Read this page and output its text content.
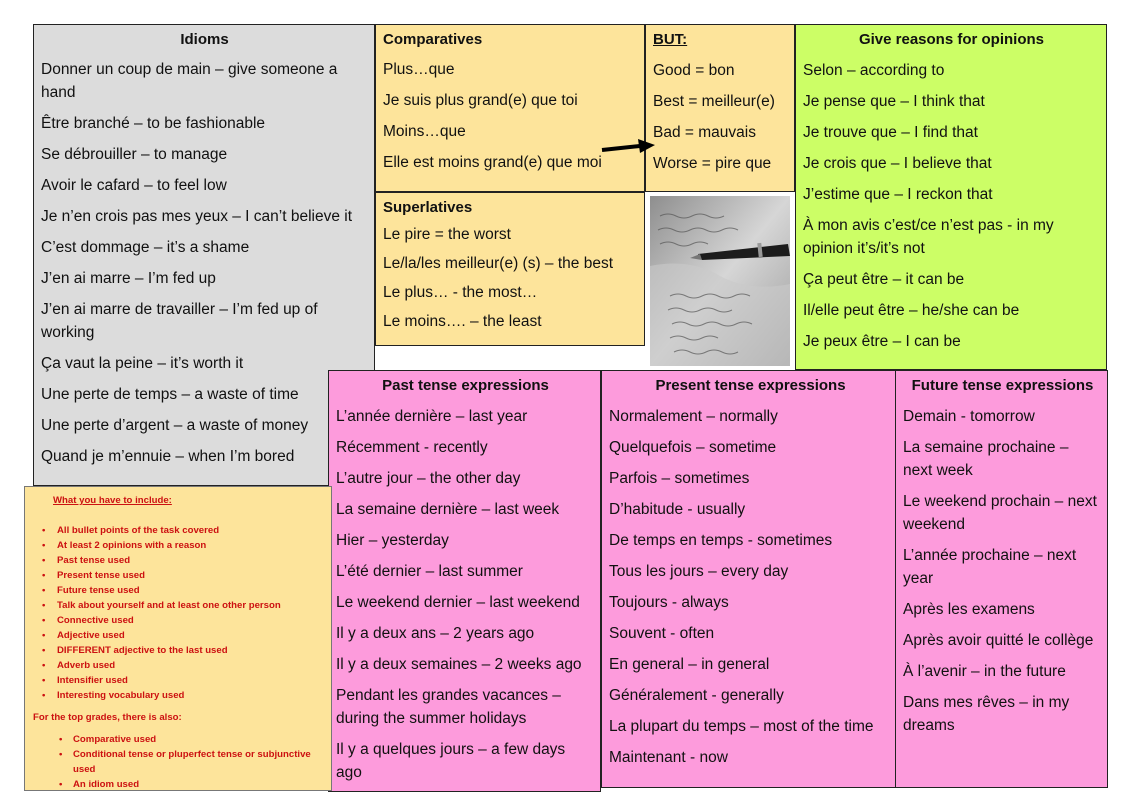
Idioms
Donner un coup de main – give someone a hand
Être branché – to be fashionable
Se débrouiller – to manage
Avoir le cafard – to feel low
Je n’en crois pas mes yeux – I can’t believe it
C’est dommage – it’s a shame
J’en ai marre – I’m fed up
J’en ai marre de travailler – I’m fed up of working
Ça vaut la peine – it’s worth it
Une perte de temps – a waste of time
Une perte d’argent – a waste of money
Quand je m’ennuie – when I’m bored
Comparatives
Plus…que
Je suis plus grand(e) que toi
Moins…que
Elle est moins grand(e) que moi
BUT:
Good = bon
Best = meilleur(e)
Bad = mauvais
Worse = pire que
Superlatives
Le pire = the worst
Le/la/les meilleur(e) (s) – the best
Le plus… - the most…
Le moins…. – the least
Give reasons for opinions
Selon – according to
Je pense que – I think that
Je trouve que – I find that
Je crois que – I believe that
J’estime que – I reckon that
À mon avis c’est/ce n’est pas - in my opinion it’s/it’s not
Ça peut être – it can be
Il/elle peut être – he/she can be
Je peux être – I can be
Past tense expressions
L’année dernière – last year
Récemment - recently
L’autre jour – the other day
La semaine dernière – last week
Hier – yesterday
L’été dernier – last summer
Le weekend dernier – last weekend
Il y a deux ans – 2 years ago
Il y a deux semaines – 2 weeks ago
Pendant les grandes vacances – during the summer holidays
Il y a quelques jours – a few days ago
Present tense expressions
Normalement – normally
Quelquefois – sometime
Parfois – sometimes
D’habitude - usually
De temps en temps - sometimes
Tous les jours – every day
Toujours - always
Souvent - often
En general – in general
Généralement - generally
La plupart du temps – most of the time
Maintenant - now
Future tense expressions
Demain - tomorrow
La semaine prochaine – next week
Le weekend prochain – next weekend
L’année prochaine – next year
Après les examens
Après avoir quitté le collège
À l’avenir – in the future
Dans mes rêves – in my dreams
What you have to include:
• All bullet points of the task covered
• At least 2 opinions with a reason
• Past tense used
• Present tense used
• Future tense used
• Talk about yourself and at least one other person
• Connective used
• Adjective used
• DIFFERENT adjective to the last used
• Adverb used
• Intensifier used
• Interesting vocabulary used
For the top grades, there is also:
• Comparative used
• Conditional tense or pluperfect tense or subjunctive used
• An idiom used
